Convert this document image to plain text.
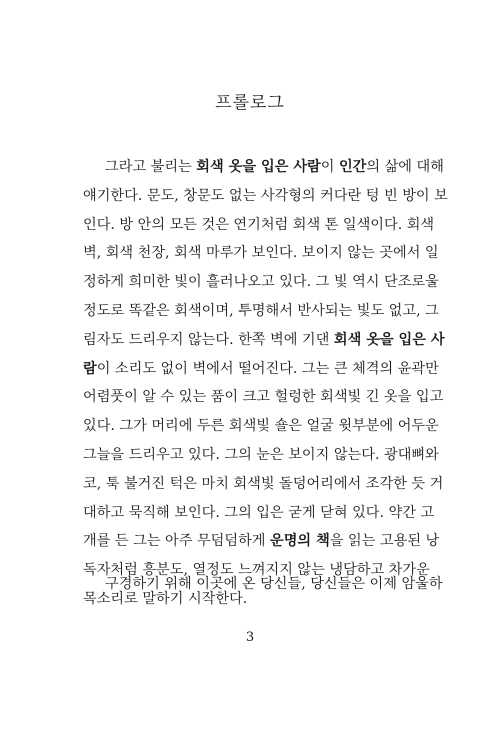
프롤로그
그라고 불리는 회색 옷을 입은 사람이 인간의 삶에 대해
얘기한다. 문도, 창문도 없는 사각형의 커다란 텅 빈 방이 보
인다. 방 안의 모든 것은 연기처럼 회색 톤 일색이다. 회색
벽, 회색 천장, 회색 마루가 보인다. 보이지 않는 곳에서 일
정하게 희미한 빛이 흘러나오고 있다. 그 빛 역시 단조로울
정도로 똑같은 회색이며, 투명해서 반사되는 빛도 없고, 그
림자도 드리우지 않는다. 한쪽 벽에 기댄 회색 옷을 입은 사
람이 소리도 없이 벽에서 떨어진다. 그는 큰 체격의 윤곽만
어렴풋이 알 수 있는 품이 크고 헐렁한 회색빛 긴 옷을 입고
있다. 그가 머리에 두른 회색빛 숄은 얼굴 윗부분에 어두운
그늘을 드리우고 있다. 그의 눈은 보이지 않는다. 광대뼈와
코, 툭 불거진 턱은 마치 회색빛 돌덩어리에서 조각한 듯 거
대하고 묵직해 보인다. 그의 입은 굳게 닫혀 있다. 약간 고
개를 든 그는 아주 무덤덤하게 운명의 책을 읽는 고용된 낭
독자처럼 흥분도, 열정도 느껴지지 않는 냉담하고 차가운
목소리로 말하기 시작한다.
구경하기 위해 이곳에 온 당신들, 당신들은 이제 암울하
3
